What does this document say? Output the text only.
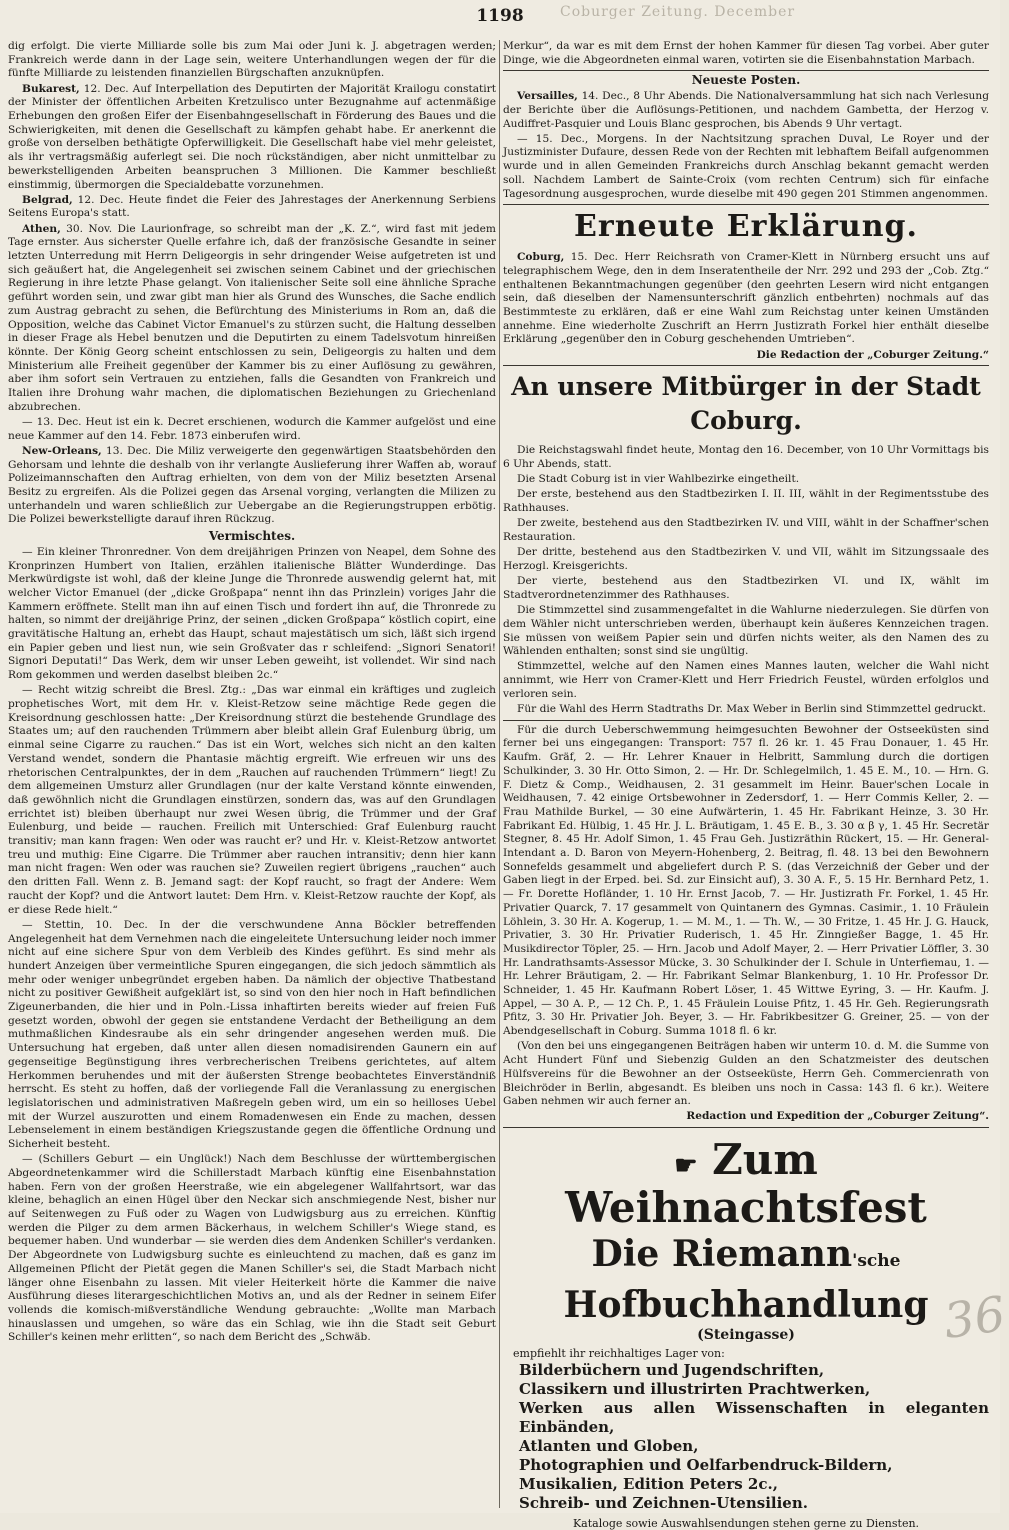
Coburger Zeitung. December
1198

dig erfolgt. Die vierte Milliarde solle bis zum Mai oder Juni k. J. abgetragen werden; Frankreich werde dann in der Lage sein, weitere Unterhandlungen wegen der für die fünfte Milliarde zu leistenden finanziellen Bürgschaften anzuknüpfen.

Bukarest, 12. Dec. Auf Interpellation des Deputirten der Majorität Krailogu constatirt der Minister der öffentlichen Arbeiten Kretzulisco unter Bezugnahme auf actenmäßige Erhebungen den großen Eifer der Eisenbahngesellschaft in Förderung des Baues und die Schwierigkeiten, mit denen die Gesellschaft zu kämpfen gehabt habe. Er anerkennt die große von derselben bethätigte Opferwilligkeit. Die Gesellschaft habe viel mehr geleistet, als ihr vertragsmäßig auferlegt sei. Die noch rückständigen, aber nicht unmittelbar zu bewerkstelligenden Arbeiten beanspruchen 3 Millionen. Die Kammer beschließt einstimmig, übermorgen die Specialdebatte vorzunehmen.

Belgrad, 12. Dec. Heute findet die Feier des Jahrestages der Anerkennung Serbiens Seitens Europa's statt.

Athen, 30. Nov. Die Laurionfrage, so schreibt man der „K. Z.“, wird fast mit jedem Tage ernster. Aus sicherster Quelle erfahre ich, daß der französische Gesandte in seiner letzten Unterredung mit Herrn Deligeorgis in sehr dringender Weise aufgetreten ist und sich geäußert hat, die Angelegenheit sei zwischen seinem Cabinet und der griechischen Regierung in ihre letzte Phase gelangt. Von italienischer Seite soll eine ähnliche Sprache geführt worden sein, und zwar gibt man hier als Grund des Wunsches, die Sache endlich zum Austrag gebracht zu sehen, die Befürchtung des Ministeriums in Rom an, daß die Opposition, welche das Cabinet Victor Emanuel's zu stürzen sucht, die Haltung desselben in dieser Frage als Hebel benutzen und die Deputirten zu einem Tadelsvotum hinreißen könnte. Der König Georg scheint entschlossen zu sein, Deligeorgis zu halten und dem Ministerium alle Freiheit gegenüber der Kammer bis zu einer Auflösung zu gewähren, aber ihm sofort sein Vertrauen zu entziehen, falls die Gesandten von Frankreich und Italien ihre Drohung wahr machen, die diplomatischen Beziehungen zu Griechenland abzubrechen.

— 13. Dec. Heut ist ein k. Decret erschienen, wodurch die Kammer aufgelöst und eine neue Kammer auf den 14. Febr. 1873 einberufen wird.

New-Orleans, 13. Dec. Die Miliz verweigerte den gegenwärtigen Staatsbehörden den Gehorsam und lehnte die deshalb von ihr verlangte Auslieferung ihrer Waffen ab, worauf Polizeimannschaften den Auftrag erhielten, von dem von der Miliz besetzten Arsenal Besitz zu ergreifen. Als die Polizei gegen das Arsenal vorging, verlangten die Milizen zu unterhandeln und waren schließlich zur Uebergabe an die Regierungstruppen erbötig. Die Polizei bewerkstelligte darauf ihren Rückzug.

Vermischtes.

— Ein kleiner Thronredner. Von dem dreijährigen Prinzen von Neapel, dem Sohne des Kronprinzen Humbert von Italien, erzählen italienische Blätter Wunderdinge. Das Merkwürdigste ist wohl, daß der kleine Junge die Thronrede auswendig gelernt hat, mit welcher Victor Emanuel (der „dicke Großpapa“ nennt ihn das Prinzlein) voriges Jahr die Kammern eröffnete. Stellt man ihn auf einen Tisch und fordert ihn auf, die Thronrede zu halten, so nimmt der dreijährige Prinz, der seinen „dicken Großpapa“ köstlich copirt, eine gravitätische Haltung an, erhebt das Haupt, schaut majestätisch um sich, läßt sich irgend ein Papier geben und liest nun, wie sein Großvater das r schleifend: „Signori Senatori! Signori Deputati!“ Das Werk, dem wir unser Leben geweiht, ist vollendet. Wir sind nach Rom gekommen und werden daselbst bleiben 2c.“

— Recht witzig schreibt die Bresl. Ztg.: „Das war einmal ein kräftiges und zugleich prophetisches Wort, mit dem Hr. v. Kleist-Retzow seine mächtige Rede gegen die Kreisordnung geschlossen hatte: „Der Kreisordnung stürzt die bestehende Grundlage des Staates um; auf den rauchenden Trümmern aber bleibt allein Graf Eulenburg übrig, um einmal seine Cigarre zu rauchen.“ Das ist ein Wort, welches sich nicht an den kalten Verstand wendet, sondern die Phantasie mächtig ergreift. Wie erfreuen wir uns des rhetorischen Centralpunktes, der in dem „Rauchen auf rauchenden Trümmern“ liegt! Zu dem allgemeinen Umsturz aller Grundlagen (nur der kalte Verstand könnte einwenden, daß gewöhnlich nicht die Grundlagen einstürzen, sondern das, was auf den Grundlagen errichtet ist) bleiben überhaupt nur zwei Wesen übrig, die Trümmer und der Graf Eulenburg, und beide — rauchen. Freilich mit Unterschied: Graf Eulenburg raucht transitiv; man kann fragen: Wen oder was raucht er? und Hr. v. Kleist-Retzow antwortet treu und muthig: Eine Cigarre. Die Trümmer aber rauchen intransitiv; denn hier kann man nicht fragen: Wen oder was rauchen sie? Zuweilen regiert übrigens „rauchen“ auch den dritten Fall. Wenn z. B. Jemand sagt: der Kopf raucht, so fragt der Andere: Wem raucht der Kopf? und die Antwort lautet: Dem Hrn. v. Kleist-Retzow rauchte der Kopf, als er diese Rede hielt.“

— Stettin, 10. Dec. In der die verschwundene Anna Böckler betreffenden Angelegenheit hat dem Vernehmen nach die eingeleitete Untersuchung leider noch immer nicht auf eine sichere Spur von dem Verbleib des Kindes geführt. Es sind mehr als hundert Anzeigen über vermeintliche Spuren eingegangen, die sich jedoch sämmtlich als mehr oder weniger unbegründet ergeben haben. Da nämlich der objective Thatbestand nicht zu positiver Gewißheit aufgeklärt ist, so sind von den hier noch in Haft befindlichen Zigeunerbanden, die hier und in Poln.-Lissa inhaftirten bereits wieder auf freien Fuß gesetzt worden, obwohl der gegen sie entstandene Verdacht der Betheiligung an dem muthmaßlichen Kindesraube als ein sehr dringender angesehen werden muß. Die Untersuchung hat ergeben, daß unter allen diesen nomadisirenden Gaunern ein auf gegenseitige Begünstigung ihres verbrecherischen Treibens gerichtetes, auf altem Herkommen beruhendes und mit der äußersten Strenge beobachtetes Einverständniß herrscht. Es steht zu hoffen, daß der vorliegende Fall die Veranlassung zu energischen legislatorischen und administrativen Maßregeln geben wird, um ein so heilloses Uebel mit der Wurzel auszurotten und einem Romadenwesen ein Ende zu machen, dessen Lebenselement in einem beständigen Kriegszustande gegen die öffentliche Ordnung und Sicherheit besteht.

— (Schillers Geburt — ein Unglück!) Nach dem Beschlusse der württembergischen Abgeordnetenkammer wird die Schillerstadt Marbach künftig eine Eisenbahnstation haben. Fern von der großen Heerstraße, wie ein abgelegener Wallfahrtsort, war das kleine, behaglich an einen Hügel über den Neckar sich anschmiegende Nest, bisher nur auf Seitenwegen zu Fuß oder zu Wagen von Ludwigsburg aus zu erreichen. Künftig werden die Pilger zu dem armen Bäckerhaus, in welchem Schiller's Wiege stand, es bequemer haben. Und wunderbar — sie werden dies dem Andenken Schiller's verdanken. Der Abgeordnete von Ludwigsburg suchte es einleuchtend zu machen, daß es ganz im Allgemeinen Pflicht der Pietät gegen die Manen Schiller's sei, die Stadt Marbach nicht länger ohne Eisenbahn zu lassen. Mit vieler Heiterkeit hörte die Kammer die naive Ausführung dieses literargeschichtlichen Motivs an, und als der Redner in seinem Eifer vollends die komisch-mißverständliche Wendung gebrauchte: „Wollte man Marbach hinauslassen und umgehen, so wäre das ein Schlag, wie ihn die Stadt seit Geburt Schiller's keinen mehr erlitten“, so nach dem Bericht des „Schwäb.

Merkur“, da war es mit dem Ernst der hohen Kammer für diesen Tag vorbei. Aber guter Dinge, wie die Abgeordneten einmal waren, votirten sie die Eisenbahnstation Marbach.

Neueste Posten.

Versailles, 14. Dec., 8 Uhr Abends. Die Nationalversammlung hat sich nach Verlesung der Berichte über die Auflösungs-Petitionen, und nachdem Gambetta, der Herzog v. Audiffret-Pasquier und Louis Blanc gesprochen, bis Abends 9 Uhr vertagt.

— 15. Dec., Morgens. In der Nachtsitzung sprachen Duval, Le Royer und der Justizminister Dufaure, dessen Rede von der Rechten mit lebhaftem Beifall aufgenommen wurde und in allen Gemeinden Frankreichs durch Anschlag bekannt gemacht werden soll. Nachdem Lambert de Sainte-Croix (vom rechten Centrum) sich für einfache Tagesordnung ausgesprochen, wurde dieselbe mit 490 gegen 201 Stimmen angenommen.

Erneute Erklärung.

Coburg, 15. Dec. Herr Reichsrath von Cramer-Klett in Nürnberg ersucht uns auf telegraphischem Wege, den in dem Inseratentheile der Nrr. 292 und 293 der „Cob. Ztg.“ enthaltenen Bekanntmachungen gegenüber (den geehrten Lesern wird nicht entgangen sein, daß dieselben der Namensunterschrift gänzlich entbehrten) nochmals auf das Bestimmteste zu erklären, daß er eine Wahl zum Reichstag unter keinen Umständen annehme. Eine wiederholte Zuschrift an Herrn Justizrath Forkel hier enthält dieselbe Erklärung „gegenüber den in Coburg geschehenden Umtrieben“.

Die Redaction der „Coburger Zeitung.“
An unsere Mitbürger in der Stadt Coburg.

Die Reichstagswahl findet heute, Montag den 16. December, von 10 Uhr Vormittags bis 6 Uhr Abends, statt.

Die Stadt Coburg ist in vier Wahlbezirke eingetheilt.

Der erste, bestehend aus den Stadtbezirken I. II. III, wählt in der Regimentsstube des Rathhauses.

Der zweite, bestehend aus den Stadtbezirken IV. und VIII, wählt in der Schaffner'schen Restauration.

Der dritte, bestehend aus den Stadtbezirken V. und VII, wählt im Sitzungssaale des Herzogl. Kreisgerichts.

Der vierte, bestehend aus den Stadtbezirken VI. und IX, wählt im Stadtverordnetenzimmer des Rathhauses.

Die Stimmzettel sind zusammengefaltet in die Wahlurne niederzulegen. Sie dürfen von dem Wähler nicht unterschrieben werden, überhaupt kein äußeres Kennzeichen tragen. Sie müssen von weißem Papier sein und dürfen nichts weiter, als den Namen des zu Wählenden enthalten; sonst sind sie ungültig.

Stimmzettel, welche auf den Namen eines Mannes lauten, welcher die Wahl nicht annimmt, wie Herr von Cramer-Klett und Herr Friedrich Feustel, würden erfolglos und verloren sein.

Für die Wahl des Herrn Stadtraths Dr. Max Weber in Berlin sind Stimmzettel gedruckt.

Für die durch Ueberschwemmung heimgesuchten Bewohner der Ostseeküsten sind ferner bei uns eingegangen: Transport: 757 fl. 26 kr. 1. 45 Frau Donauer, 1. 45 Hr. Kaufm. Gräf, 2. — Hr. Lehrer Knauer in Helbritt, Sammlung durch die dortigen Schulkinder, 3. 30 Hr. Otto Simon, 2. — Hr. Dr. Schlegelmilch, 1. 45 E. M., 10. — Hrn. G. F. Dietz & Comp., Weidhausen, 2. 31 gesammelt im Heinr. Bauer'schen Locale in Weidhausen, 7. 42 einige Ortsbewohner in Zedersdorf, 1. — Herr Commis Keller, 2. — Frau Mathilde Burkel, — 30 eine Aufwärterin, 1. 45 Hr. Fabrikant Heinze, 3. 30 Hr. Fabrikant Ed. Hülbig, 1. 45 Hr. J. L. Bräutigam, 1. 45 E. B., 3. 30 α β γ, 1. 45 Hr. Secretär Stegner, 8. 45 Hr. Adolf Simon, 1. 45 Frau Geh. Justizräthin Rückert, 15. — Hr. General-Intendant a. D. Baron von Meyern-Hohenberg, 2. Beitrag, fl. 48. 13 bei den Bewohnern Sonnefelds gesammelt und abgeliefert durch P. S. (das Verzeichniß der Geber und der Gaben liegt in der Erped. bei. Sd. zur Einsicht auf), 3. 30 A. F., 5. 15 Hr. Bernhard Petz, 1. — Fr. Dorette Hofländer, 1. 10 Hr. Ernst Jacob, 7. — Hr. Justizrath Fr. Forkel, 1. 45 Hr. Privatier Quarck, 7. 17 gesammelt von Quintanern des Gymnas. Casimir., 1. 10 Fräulein Löhlein, 3. 30 Hr. A. Kogerup, 1. — M. M., 1. — Th. W., — 30 Fritze, 1. 45 Hr. J. G. Hauck, Privatier, 3. 30 Hr. Privatier Ruderisch, 1. 45 Hr. Zinngießer Bagge, 1. 45 Hr. Musikdirector Töpler, 25. — Hrn. Jacob und Adolf Mayer, 2. — Herr Privatier Löffler, 3. 30 Hr. Landrathsamts-Assessor Mücke, 3. 30 Schulkinder der I. Schule in Unterfiemau, 1. — Hr. Lehrer Bräutigam, 2. — Hr. Fabrikant Selmar Blankenburg, 1. 10 Hr. Professor Dr. Schneider, 1. 45 Hr. Kaufmann Robert Löser, 1. 45 Wittwe Eyring, 3. — Hr. Kaufm. J. Appel, — 30 A. P., — 12 Ch. P., 1. 45 Fräulein Louise Pfitz, 1. 45 Hr. Geh. Regierungsrath Pfitz, 3. 30 Hr. Privatier Joh. Beyer, 3. — Hr. Fabrikbesitzer G. Greiner, 25. — von der Abendgesellschaft in Coburg. Summa 1018 fl. 6 kr.

(Von den bei uns eingegangenen Beiträgen haben wir unterm 10. d. M. die Summe von Acht Hundert Fünf und Siebenzig Gulden an den Schatzmeister des deutschen Hülfsvereins für die Bewohner an der Ostseeküste, Herrn Geh. Commercienrath von Bleichröder in Berlin, abgesandt. Es bleiben uns noch in Cassa: 143 fl. 6 kr.). Weitere Gaben nehmen wir auch ferner an.

Redaction und Expedition der „Coburger Zeitung“.
☛ Zum Weihnachtsfest
Die Riemann'sche Hofbuchhandlung
(Steingasse)
empfiehlt ihr reichhaltiges Lager von:
Bilderbüchern und Jugendschriften,
Classikern und illustrirten Prachtwerken,
Werken aus allen Wissenschaften in eleganten Einbänden,
Atlanten und Globen,
Photographien und Oelfarbendruck-Bildern,
Musikalien, Edition Peters 2c.,
Schreib- und Zeichnen-Utensilien.
Kataloge sowie Auswahlsendungen stehen gerne zu Diensten.
36
